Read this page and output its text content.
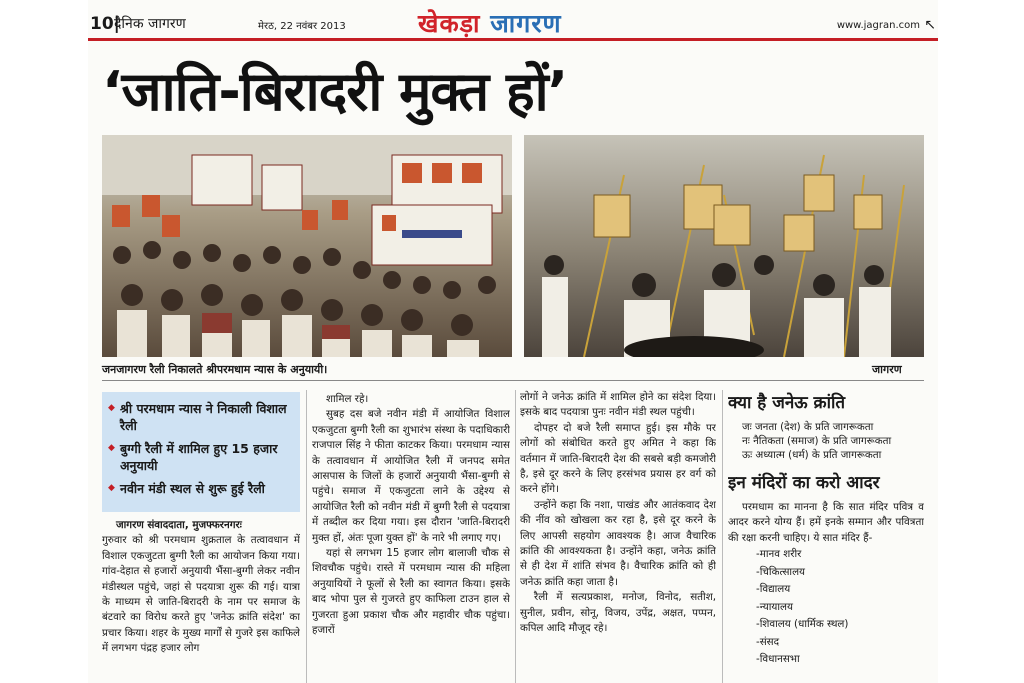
10|
दैनिक जागरण	मेरठ, 22 नवंबर 2013	खेकड़ा जागरण	www.jagran.com ↖
‘जाति-बिरादरी मुक्त हों’
जनजागरण रैली निकालते श्रीपरमधाम न्यास के अनुयायी।	जागरण
◆ श्री परमधाम न्यास ने निकाली विशाल रैली
◆ बुग्गी रैली में शामिल हुए 15 हजार अनुयायी
◆ नवीन मंडी स्थल से शुरू हुई रैली

जागरण संवाददाता, मुजफ्फरनगरः

गुरुवार को श्री परमधाम शुक्रताल के तत्वावधान में विशाल एकजुटता बुग्गी रैली का आयोजन किया गया। गांव-देहात से हजारों अनुयायी भैंसा-बुग्गी लेकर नवीन मंडीस्थल पहुंचे, जहां से पदयात्रा शुरू की गई। यात्रा के माध्यम से जाति-बिरादरी के नाम पर समाज के बंटवारे का विरोध करते हुए 'जनेऊ क्रांति संदेश' का प्रचार किया। शहर के मुख्य मार्गों से गुजरे इस काफिले में लगभग पंद्रह हजार लोग

शामिल रहे।

सुबह दस बजे नवीन मंडी में आयोजित विशाल एकजुटता बुग्गी रैली का शुभारंभ संस्था के पदाधिकारी राजपाल सिंह ने फीता काटकर किया। परमधाम न्यास के तत्वावधान में आयोजित रैली में जनपद समेत आसपास के जिलों के हजारों अनुयायी भैंसा-बुग्गी से पहुंचे। समाज में एकजुटता लाने के उद्देश्य से आयोजित रैली को नवीन मंडी में बुग्गी रैली से पदयात्रा में तब्दील कर दिया गया। इस दौरान 'जाति-बिरादरी मुक्त हों, अंतः पूजा युक्त हों' के नारे भी लगाए गए।

यहां से लगभग 15 हजार लोग बालाजी चौक से शिवचौक पहुंचे। रास्ते में परमधाम न्यास की महिला अनुयायियों ने फूलों से रैली का स्वागत किया। इसके बाद भोपा पुल से गुजरते हुए काफिला टाउन हाल से गुजरता हुआ प्रकाश चौक और महावीर चौक पहुंचा। हजारों

लोगों ने जनेऊ क्रांति में शामिल होने का संदेश दिया। इसके बाद पदयात्रा पुनः नवीन मंडी स्थल पहुंची।

दोपहर दो बजे रैली समाप्त हुई। इस मौके पर लोगों को संबोधित करते हुए अमित ने कहा कि वर्तमान में जाति-बिरादरी देश की सबसे बड़ी कमजोरी है, इसे दूर करने के लिए हरसंभव प्रयास हर वर्ग को करने होंगे।

उन्होंने कहा कि नशा, पाखंड और आतंकवाद देश की नींव को खोखला कर रहा है, इसे दूर करने के लिए आपसी सहयोग आवश्यक है। आज वैचारिक क्रांति की आवश्यकता है। उन्होंने कहा, जनेऊ क्रांति से ही देश में शांति संभव है। वैचारिक क्रांति को ही जनेऊ क्रांति कहा जाता है।

रैली में सत्यप्रकाश, मनोज, विनोद, सतीश, सुनील, प्रवीन, सोनू, विजय, उपेंद्र, अक्षत, पप्पन, कपिल आदि मौजूद रहे।

क्या है जनेऊ क्रांति

जः जनता (देश) के प्रति जागरूकता

नः नैतिकता (समाज) के प्रति जागरूकता

ऊः अध्यात्म (धर्म) के प्रति जागरूकता

इन मंदिरों का करो आदर

परमधाम का मानना है कि सात मंदिर पवित्र व आदर करने योग्य हैं। हमें इनके सम्मान और पवित्रता की रक्षा करनी चाहिए। ये सात मंदिर हैं-

-मानव शरीर

-चिकित्सालय

-विद्यालय

-न्यायालय

-शिवालय (धार्मिक स्थल)

-संसद

-विधानसभा
